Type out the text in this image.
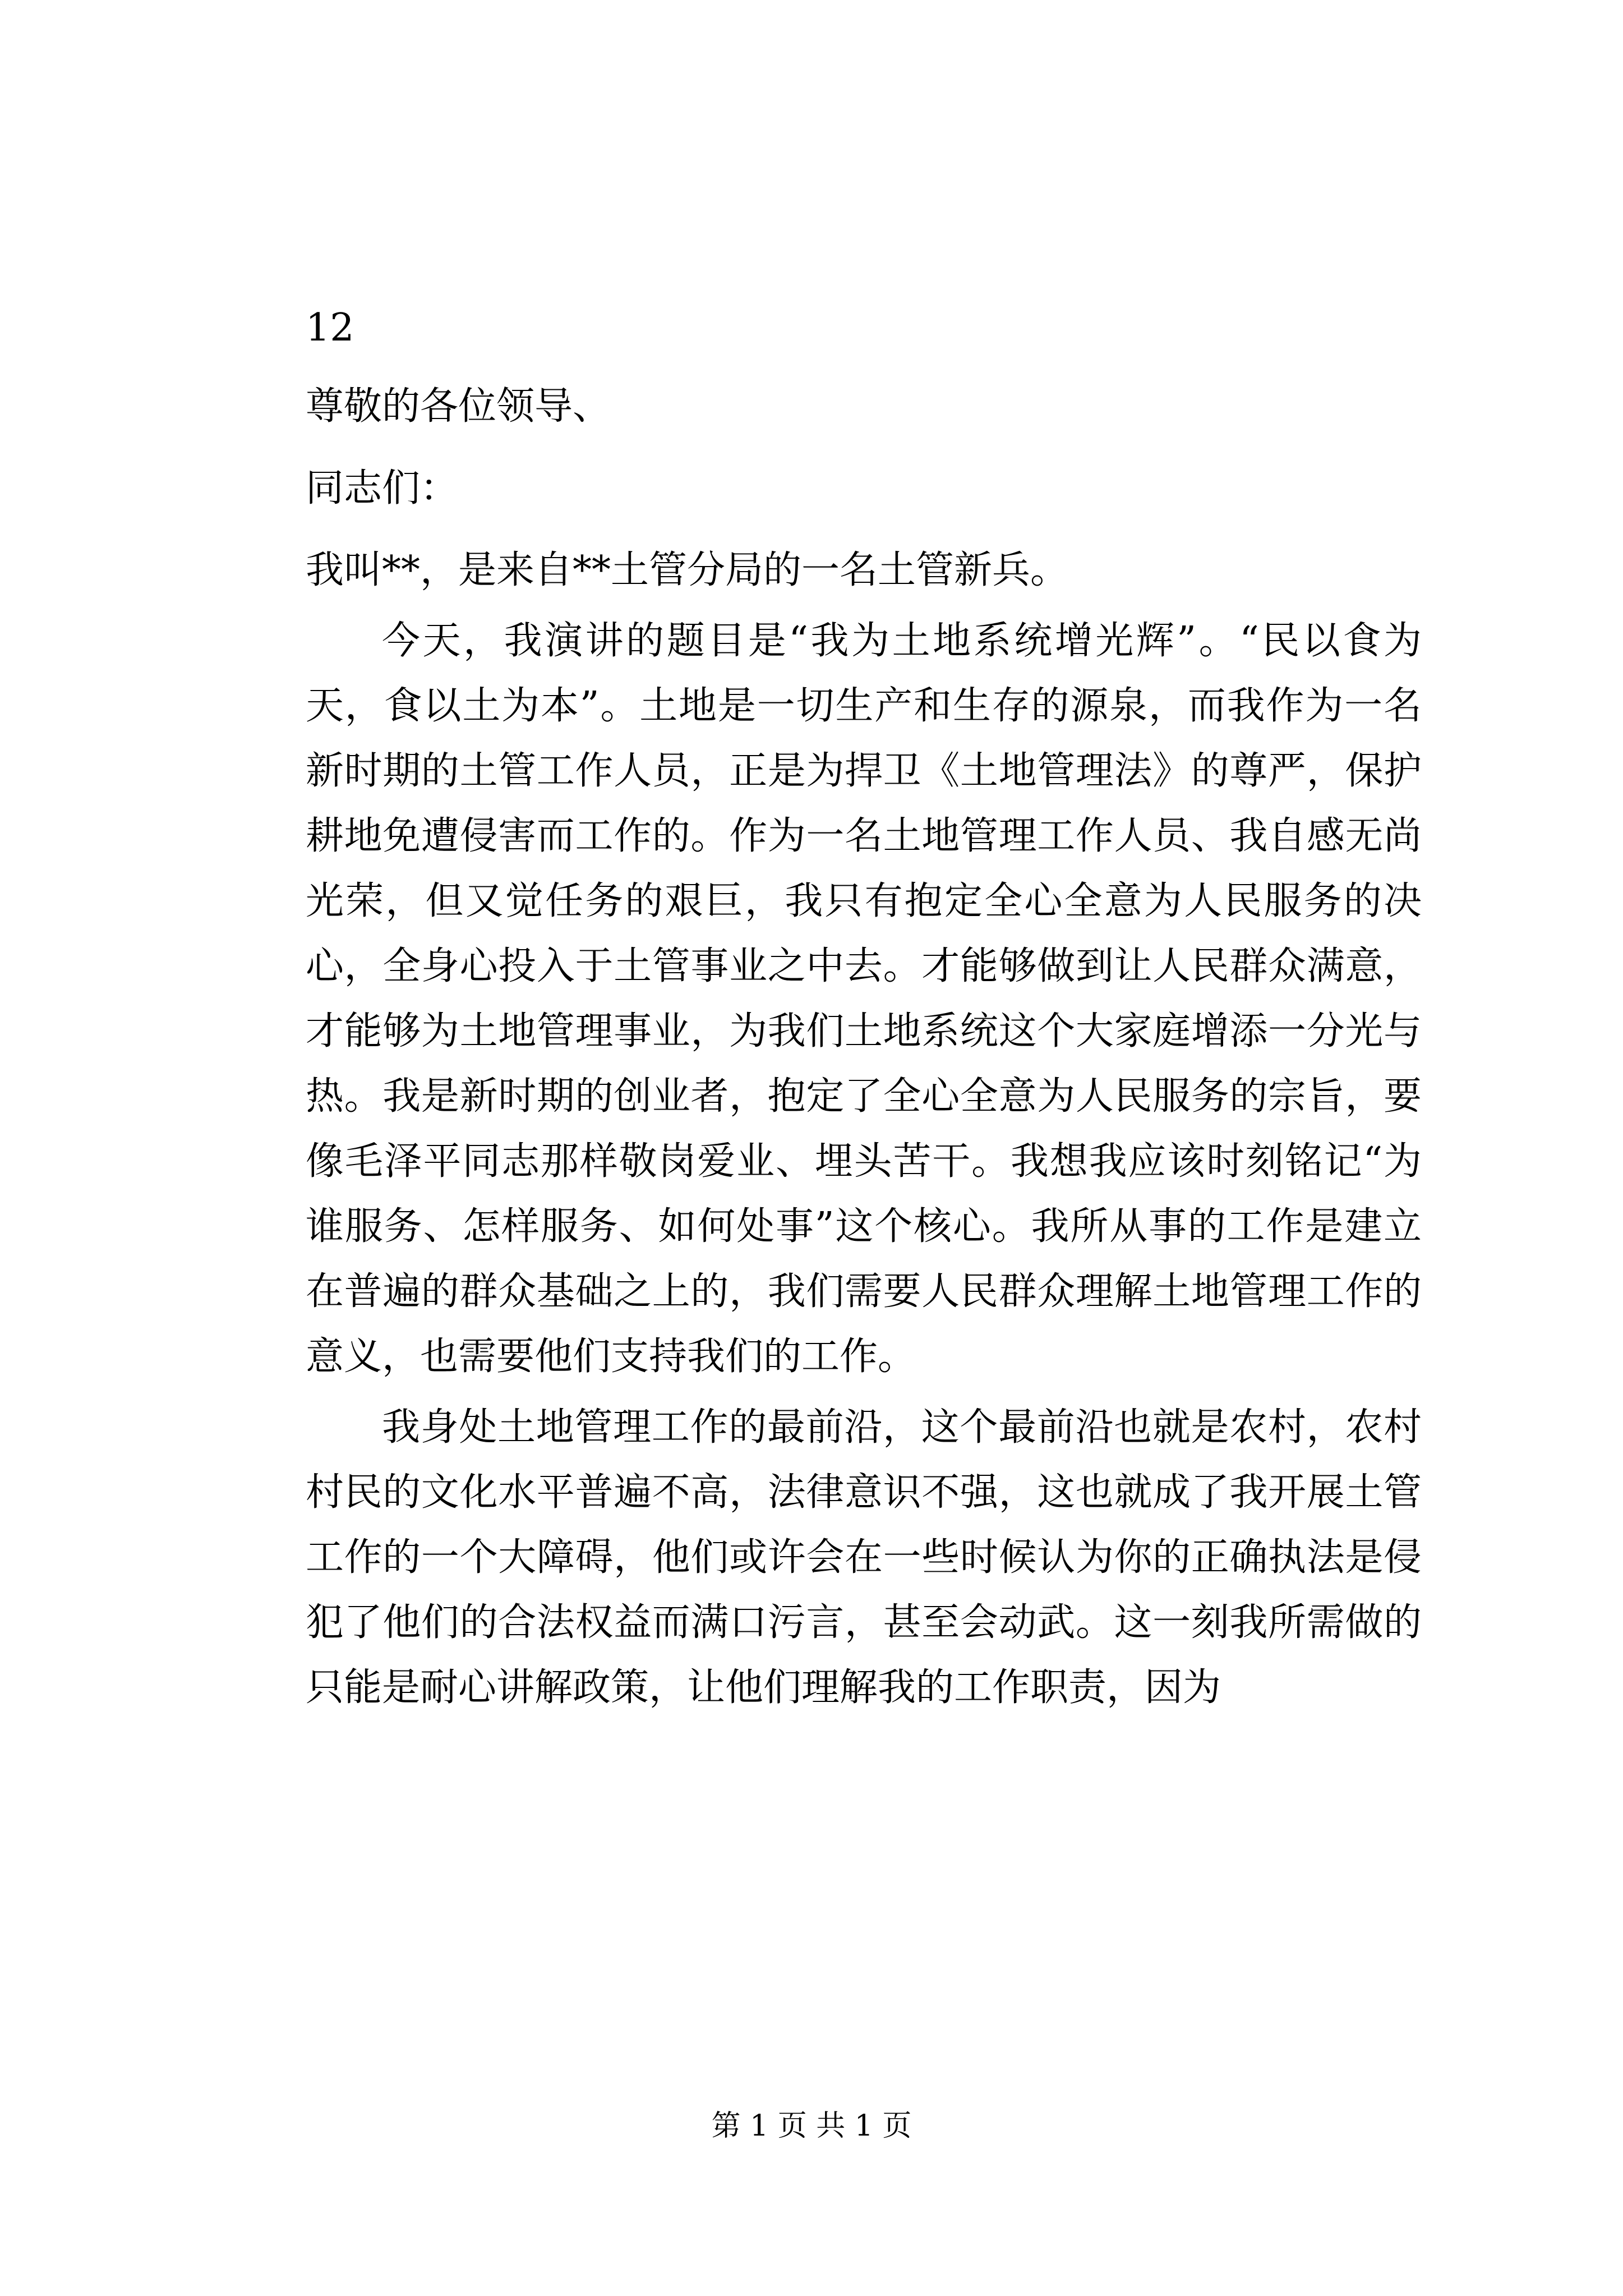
12
尊敬的各位领导、
同志们：
我叫**，是来自**土管分局的一名土管新兵。

今天，我演讲的题目是“我为土地系统增光辉”。“民以食为天，食以土为本”。土地是一切生产和生存的源泉，而我作为一名新时期的土管工作人员，正是为捍卫《土地管理法》的尊严，保护耕地免遭侵害而工作的。作为一名土地管理工作人员、我自感无尚光荣，但又觉任务的艰巨，我只有抱定全心全意为人民服务的决心，全身心投入于土管事业之中去。才能够做到让人民群众满意，才能够为土地管理事业，为我们土地系统这个大家庭增添一分光与热。我是新时期的创业者，抱定了全心全意为人民服务的宗旨，要像毛泽平同志那样敬岗爱业、埋头苦干。我想我应该时刻铭记“为谁服务、怎样服务、如何处事”这个核心。我所从事的工作是建立在普遍的群众基础之上的，我们需要人民群众理解土地管理工作的意义，也需要他们支持我们的工作。

我身处土地管理工作的最前沿，这个最前沿也就是农村，农村村民的文化水平普遍不高，法律意识不强，这也就成了我开展土管工作的一个大障碍，他们或许会在一些时候认为你的正确执法是侵犯了他们的合法权益而满口污言，甚至会动武。这一刻我所需做的只能是耐心讲解政策，让他们理解我的工作职责，因为

第 1 页 共 1 页
